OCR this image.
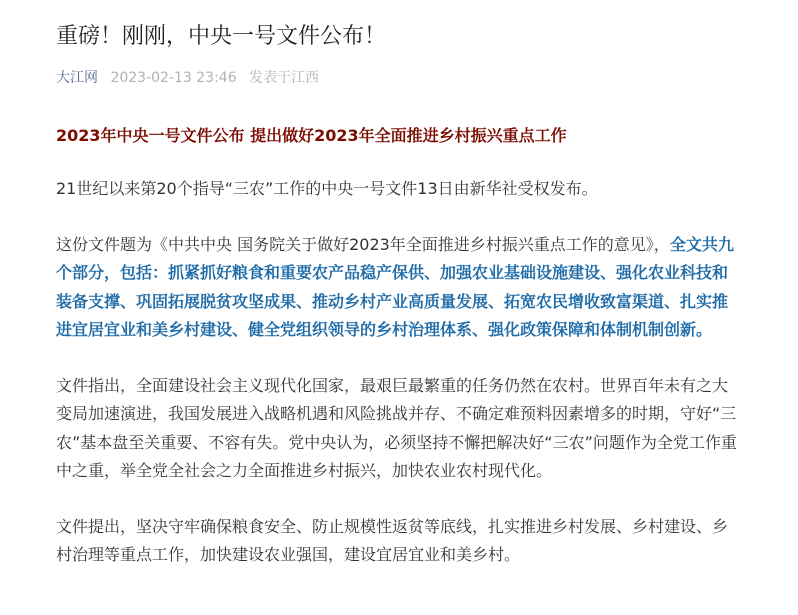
重磅！刚刚，中央一号文件公布！
大江网 2023-02-13 23:46 发表于江西
2023年中央一号文件公布 提出做好2023年全面推进乡村振兴重点工作

21世纪以来第20个指导“三农”工作的中央一号文件13日由新华社受权发布。

这份文件题为《中共中央 国务院关于做好2023年全面推进乡村振兴重点工作的意见》，全文共九个部分，包括：抓紧抓好粮食和重要农产品稳产保供、加强农业基础设施建设、强化农业科技和装备支撑、巩固拓展脱贫攻坚成果、推动乡村产业高质量发展、拓宽农民增收致富渠道、扎实推进宜居宜业和美乡村建设、健全党组织领导的乡村治理体系、强化政策保障和体制机制创新。

文件指出，全面建设社会主义现代化国家，最艰巨最繁重的任务仍然在农村。世界百年未有之大变局加速演进，我国发展进入战略机遇和风险挑战并存、不确定难预料因素增多的时期，守好“三农”基本盘至关重要、不容有失。党中央认为，必须坚持不懈把解决好“三农”问题作为全党工作重中之重，举全党全社会之力全面推进乡村振兴，加快农业农村现代化。

文件提出，坚决守牢确保粮食安全、防止规模性返贫等底线，扎实推进乡村发展、乡村建设、乡村治理等重点工作，加快建设农业强国，建设宜居宜业和美乡村。
